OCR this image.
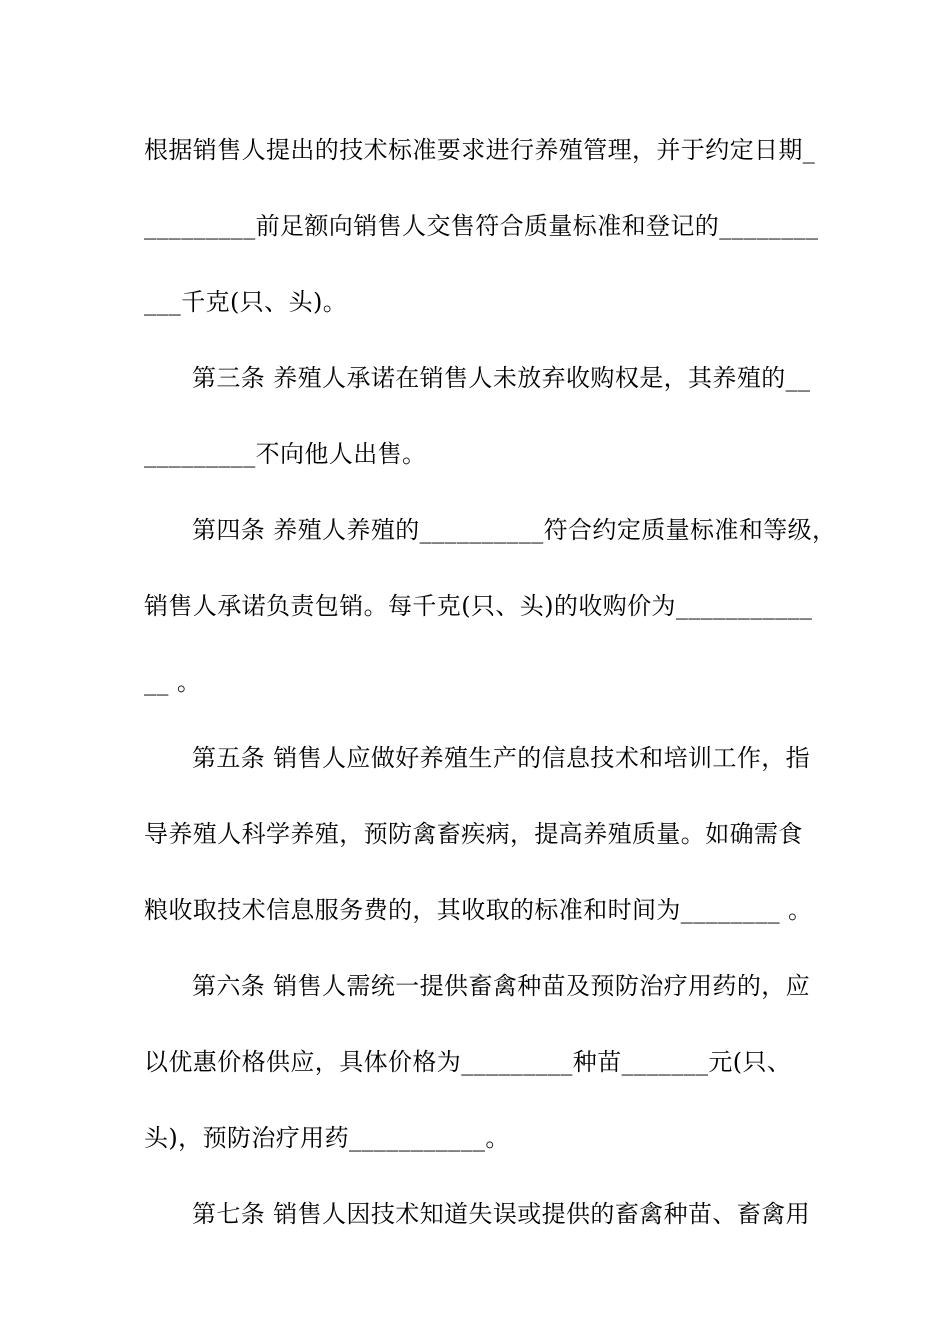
根据销售人提出的技术标准要求进行养殖管理，并于约定日期_
_________前足额向销售人交售符合质量标准和登记的________
___千克(只、头)。
第三条 养殖人承诺在销售人未放弃收购权是，其养殖的__
_________不向他人出售。
第四条 养殖人养殖的__________符合约定质量标准和等级，
销售人承诺负责包销。每千克(只、头)的收购价为___________
__ 。
第五条 销售人应做好养殖生产的信息技术和培训工作，指
导养殖人科学养殖，预防禽畜疾病，提高养殖质量。如确需食
粮收取技术信息服务费的，其收取的标准和时间为________ 。
第六条 销售人需统一提供畜禽种苗及预防治疗用药的，应
以优惠价格供应，具体价格为_________种苗_______元(只、
头)，预防治疗用药___________。
第七条 销售人因技术知道失误或提供的畜禽种苗、畜禽用
